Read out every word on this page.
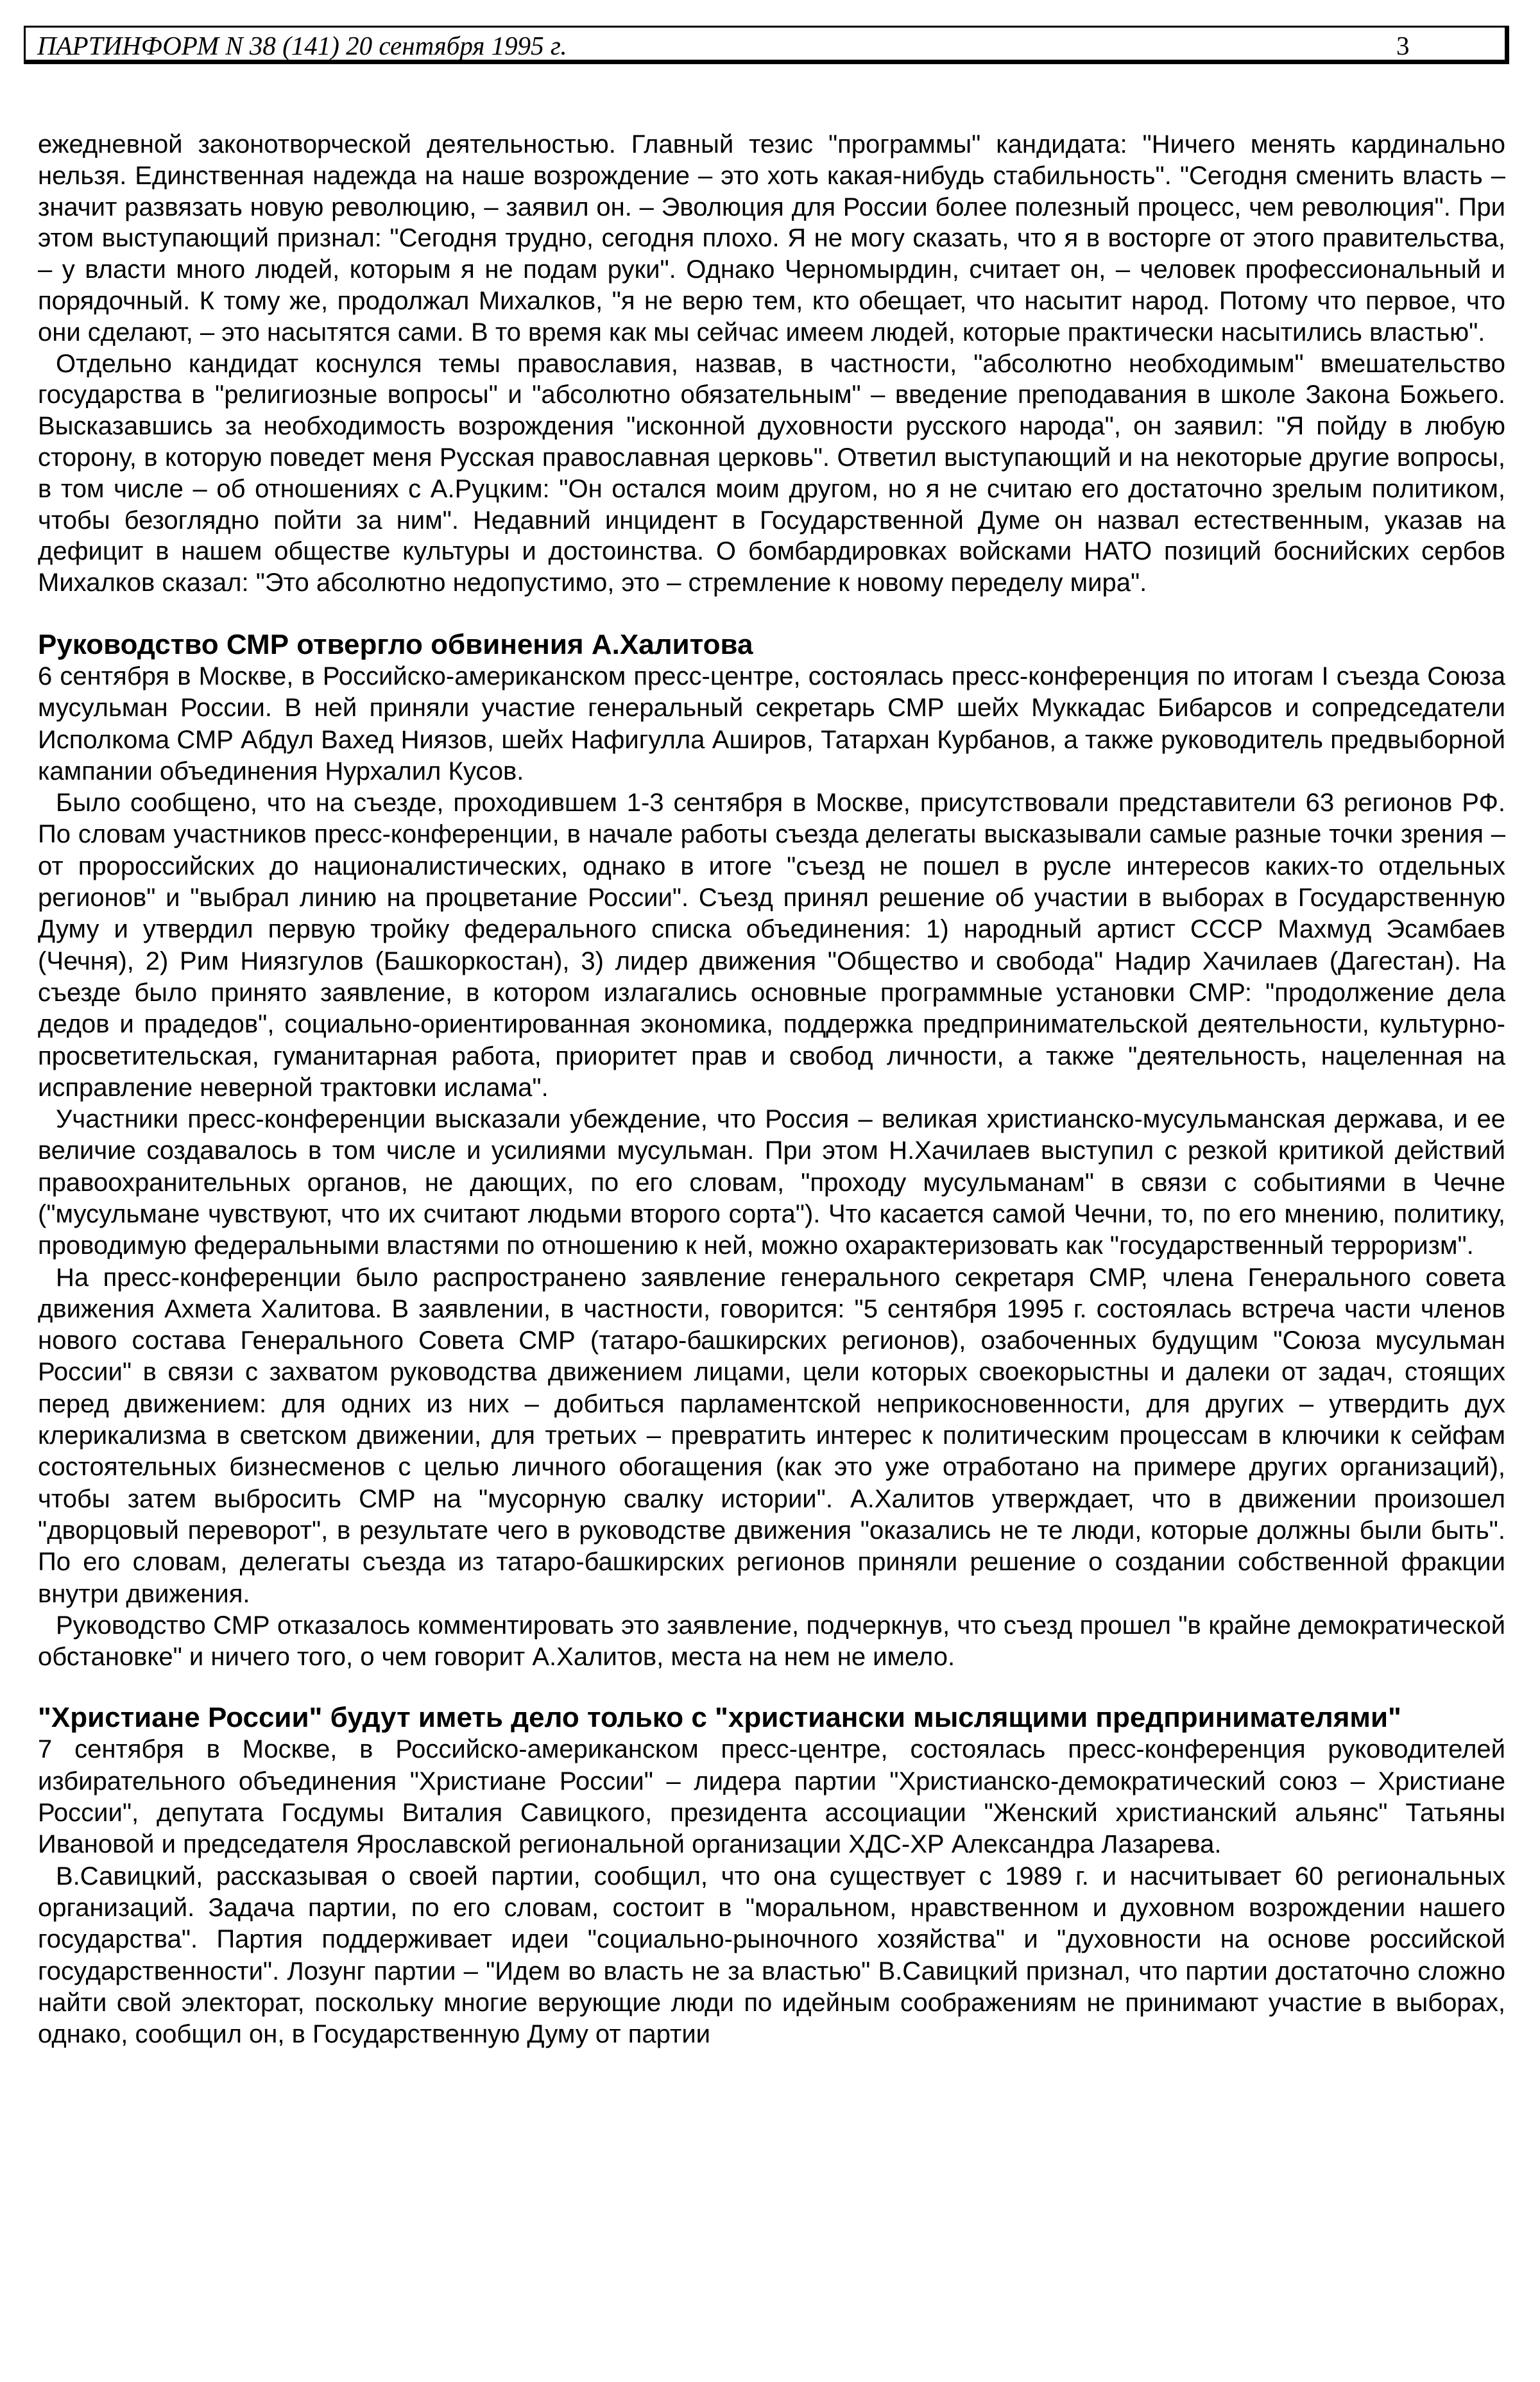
ПАРТИНФОРМ N 38 (141) 20 сентября 1995 г.	3

ежедневной законотворческой деятельностью. Главный тезис "программы" кандидата: "Ничего менять кардинально нельзя. Единственная надежда на наше возрождение – это хоть какая-нибудь стабильность". "Сегодня сменить власть – значит развязать новую революцию, – заявил он. – Эволюция для России более полезный процесс, чем революция". При этом выступающий признал: "Сегодня трудно, сегодня плохо. Я не могу сказать, что я в восторге от этого правительства, – у власти много людей, которым я не подам руки". Однако Черномырдин, считает он, – человек профессиональный и порядочный. К тому же, продолжал Михалков, "я не верю тем, кто обещает, что насытит народ. Потому что первое, что они сделают, – это насытятся сами. В то время как мы сейчас имеем людей, которые практически насытились властью".

Отдельно кандидат коснулся темы православия, назвав, в частности, "абсолютно необходимым" вмешательство государства в "религиозные вопросы" и "абсолютно обязательным" – введение преподавания в школе Закона Божьего. Высказавшись за необходимость возрождения "исконной духовности русского народа", он заявил: "Я пойду в любую сторону, в которую поведет меня Русская православная церковь". Ответил выступающий и на некоторые другие вопросы, в том числе – об отношениях с А.Руцким: "Он остался моим другом, но я не считаю его достаточно зрелым политиком, чтобы безоглядно пойти за ним". Недавний инцидент в Государственной Думе он назвал естественным, указав на дефицит в нашем обществе культуры и достоинства. О бомбардировках войсками НАТО позиций боснийских сербов Михалков сказал: "Это абсолютно недопустимо, это – стремление к новому переделу мира".

Руководство СМР отвергло обвинения А.Халитова

6 сентября в Москве, в Российско-американском пресс-центре, состоялась пресс-конференция по итогам I съезда Союза мусульман России. В ней приняли участие генеральный секретарь СМР шейх Муккадас Бибарсов и сопредседатели Исполкома СМР Абдул Вахед Ниязов, шейх Нафигулла Аширов, Татархан Курбанов, а также руководитель предвыборной кампании объединения Нурхалил Кусов.

Было сообщено, что на съезде, проходившем 1-3 сентября в Москве, присутствовали представители 63 регионов РФ. По словам участников пресс-конференции, в начале работы съезда делегаты высказывали самые разные точки зрения – от пророссийских до националистических, однако в итоге "съезд не пошел в русле интересов каких-то отдельных регионов" и "выбрал линию на процветание России". Съезд принял решение об участии в выборах в Государственную Думу и утвердил первую тройку федерального списка объединения: 1) народный артист СССР Махмуд Эсамбаев (Чечня), 2) Рим Ниязгулов (Башкоркостан), 3) лидер движения "Общество и свобода" Надир Хачилаев (Дагестан). На съезде было принято заявление, в котором излагались основные программные установки СМР: "продолжение дела дедов и прадедов", социально-ориентированная экономика, поддержка предпринимательской деятельности, культурно-просветительская, гуманитарная работа, приоритет прав и свобод личности, а также "деятельность, нацеленная на исправление неверной трактовки ислама".

Участники пресс-конференции высказали убеждение, что Россия – великая христианско-мусульманская держава, и ее величие создавалось в том числе и усилиями мусульман. При этом Н.Хачилаев выступил с резкой критикой действий правоохранительных органов, не дающих, по его словам, "проходу мусульманам" в связи с событиями в Чечне ("мусульмане чувствуют, что их считают людьми второго сорта"). Что касается самой Чечни, то, по его мнению, политику, проводимую федеральными властями по отношению к ней, можно охарактеризовать как "государственный терроризм".

На пресс-конференции было распространено заявление генерального секретаря СМР, члена Генерального совета движения Ахмета Халитова. В заявлении, в частности, говорится: "5 сентября 1995 г. состоялась встреча части членов нового состава Генерального Совета СМР (татаро-башкирских регионов), озабоченных будущим "Союза мусульман России" в связи с захватом руководства движением лицами, цели которых своекорыстны и далеки от задач, стоящих перед движением: для одних из них – добиться парламентской неприкосновенности, для других – утвердить дух клерикализма в светском движении, для третьих – превратить интерес к политическим процессам в ключики к сейфам состоятельных бизнесменов с целью личного обогащения (как это уже отработано на примере других организаций), чтобы затем выбросить СМР на "мусорную свалку истории". А.Халитов утверждает, что в движении произошел "дворцовый переворот", в результате чего в руководстве движения "оказались не те люди, которые должны были быть". По его словам, делегаты съезда из татаро-башкирских регионов приняли решение о создании собственной фракции внутри движения.

Руководство СМР отказалось комментировать это заявление, подчеркнув, что съезд прошел "в крайне демократической обстановке" и ничего того, о чем говорит А.Халитов, места на нем не имело.

"Христиане России" будут иметь дело только с "христиански мыслящими предпринимателями"

7 сентября в Москве, в Российско-американском пресс-центре, состоялась пресс-конференция руководителей избирательного объединения "Христиане России" – лидера партии "Христианско-демократический союз – Христиане России", депутата Госдумы Виталия Савицкого, президента ассоциации "Женский христианский альянс" Татьяны Ивановой и председателя Ярославской региональной организации ХДС-ХР Александра Лазарева.

В.Савицкий, рассказывая о своей партии, сообщил, что она существует с 1989 г. и насчитывает 60 региональных организаций. Задача партии, по его словам, состоит в "моральном, нравственном и духовном возрождении нашего государства". Партия поддерживает идеи "социально-рыночного хозяйства" и "духовности на основе российской государственности". Лозунг партии – "Идем во власть не за властью" В.Савицкий признал, что партии достаточно сложно найти свой электорат, поскольку многие верующие люди по идейным соображениям не принимают участие в выборах, однако, сообщил он, в Государственную Думу от партии
